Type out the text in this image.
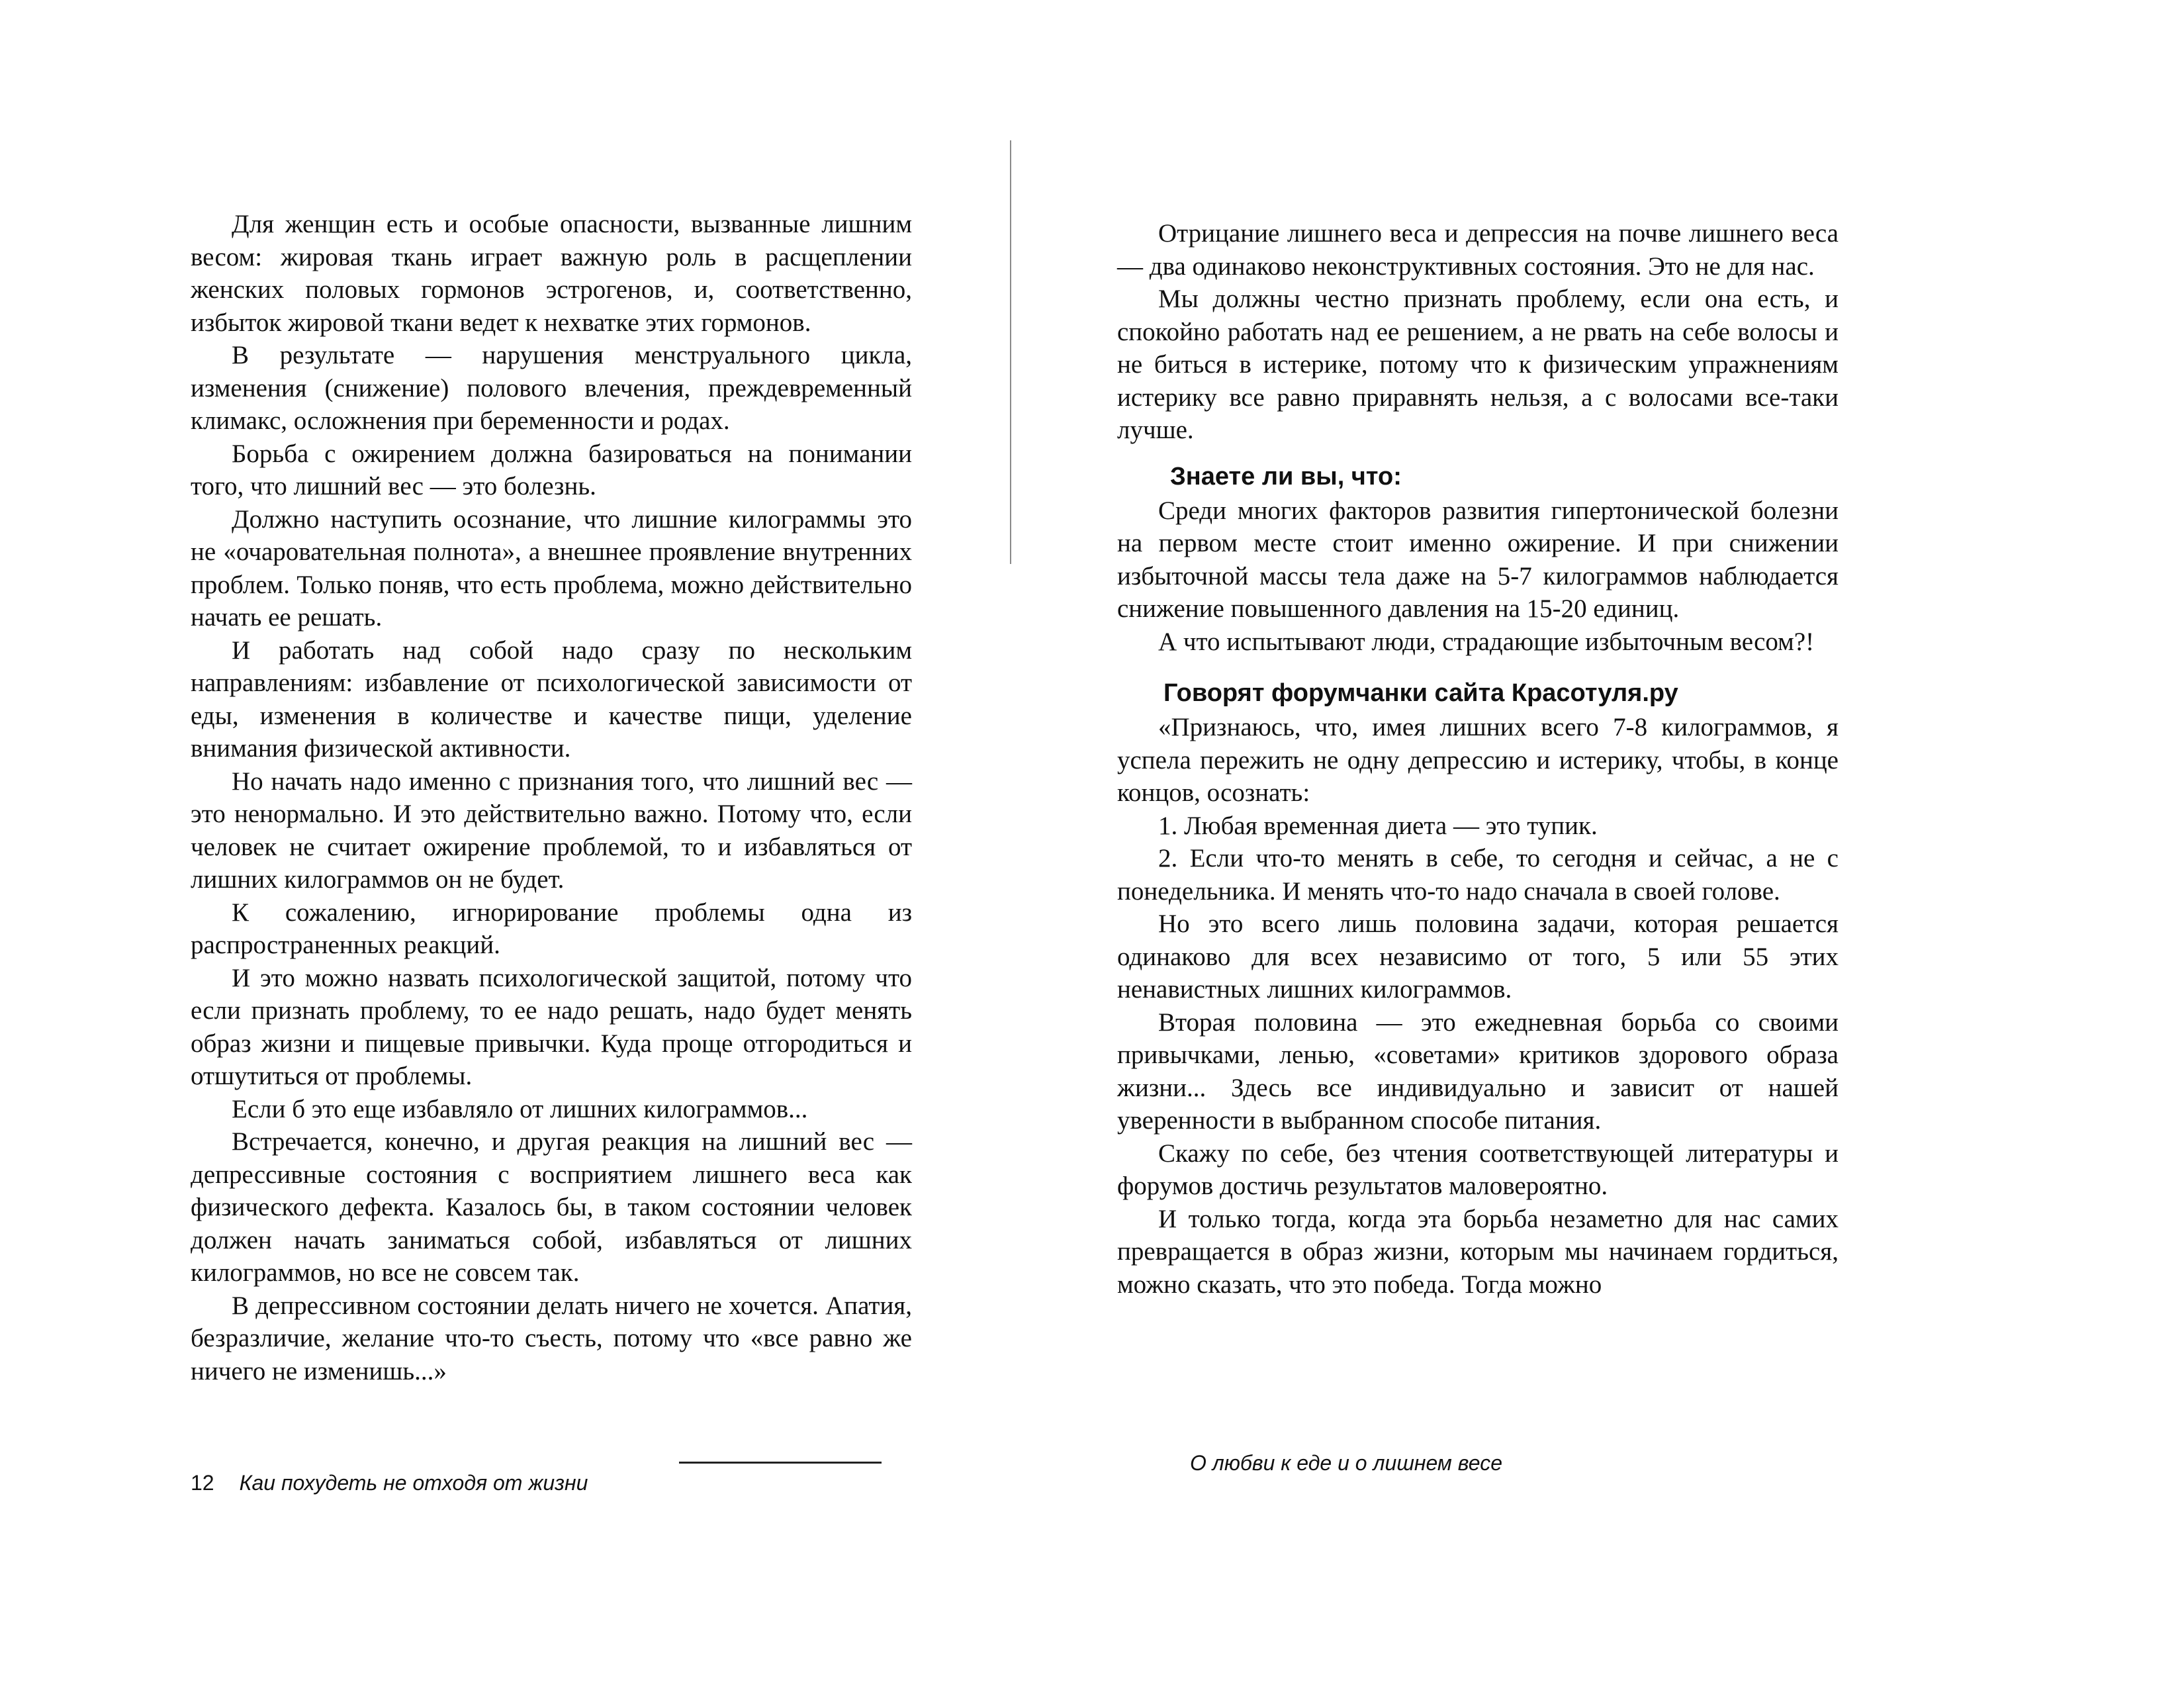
Для женщин есть и особые опасности, вызванные лишним весом: жировая ткань играет важную роль в расщеплении женских половых гормонов эстрогенов, и, соответственно, избыток жировой ткани ведет к нехватке этих гормонов.

В результате — нарушения менструального цикла, изменения (снижение) полового влечения, преждевременный климакс, осложнения при беременности и родах.

Борьба с ожирением должна базироваться на понимании того, что лишний вес — это болезнь.

Должно наступить осознание, что лишние килограммы это не «очаровательная полнота», а внешнее проявление внутренних проблем. Только поняв, что есть проблема, можно действительно начать ее решать.

И работать над собой надо сразу по нескольким направлениям: избавление от психологической зависимости от еды, изменения в количестве и качестве пищи, уделение внимания физической активности.

Но начать надо именно с признания того, что лишний вес — это ненормально. И это действительно важно. Потому что, если человек не считает ожирение проблемой, то и избавляться от лишних килограммов он не будет.

К сожалению, игнорирование проблемы одна из распространенных реакций.

И это можно назвать психологической защитой, потому что если признать проблему, то ее надо решать, надо будет менять образ жизни и пищевые привычки. Куда проще отгородиться и отшутиться от проблемы.

Если б это еще избавляло от лишних килограммов...

Встречается, конечно, и другая реакция на лишний вес — депрессивные состояния с восприятием лишнего веса как физического дефекта. Казалось бы, в таком состоянии человек должен начать заниматься собой, избавляться от лишних килограммов, но все не совсем так.

В депрессивном состоянии делать ничего не хочется. Апатия, безразличие, желание что-то съесть, потому что «все равно же ничего не изменишь...»

12 Каи похудеть не отходя от жизни

Отрицание лишнего веса и депрессия на почве лишнего веса — два одинаково неконструктивных состояния. Это не для нас.

Мы должны честно признать проблему, если она есть, и спокойно работать над ее решением, а не рвать на себе волосы и не биться в истерике, потому что к физическим упражнениям истерику все равно приравнять нельзя, а с волосами все-таки лучше.

Знаете ли вы, что:

Среди многих факторов развития гипертонической болезни на первом месте стоит именно ожирение. И при снижении избыточной массы тела даже на 5-7 килограммов наблюдается снижение повышенного давления на 15-20 единиц.

А что испытывают люди, страдающие избыточным весом?!

Говорят форумчанки сайта Красотуля.ру

«Признаюсь, что, имея лишних всего 7-8 килограммов, я успела пережить не одну депрессию и истерику, чтобы, в конце концов, осознать:

1. Любая временная диета — это тупик.

2. Если что-то менять в себе, то сегодня и сейчас, а не с понедельника. И менять что-то надо сначала в своей голове.

Но это всего лишь половина задачи, которая решается одинаково для всех независимо от того, 5 или 55 этих ненавистных лишних килограммов.

Вторая половина — это ежедневная борьба со своими привычками, ленью, «советами» критиков здорового образа жизни... Здесь все индивидуально и зависит от нашей уверенности в выбранном способе питания.

Скажу по себе, без чтения соответствующей литературы и форумов достичь результатов маловероятно.

И только тогда, когда эта борьба незаметно для нас самих превращается в образ жизни, которым мы начинаем гордиться, можно сказать, что это победа. Тогда можно

О любви к еде и о лишнем весе
